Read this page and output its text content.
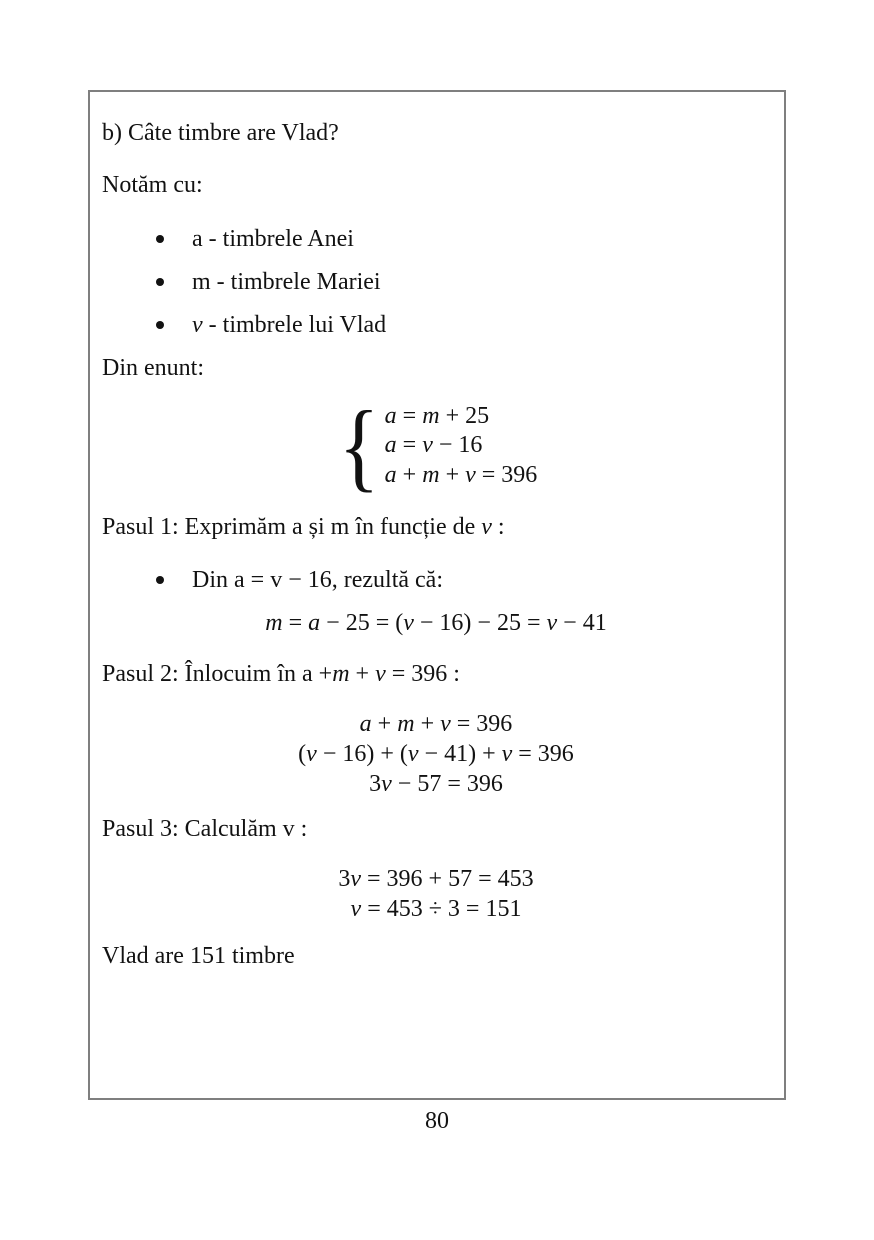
b) Câte timbre are Vlad?

Notăm cu:

a - timbrele Anei
m - timbrele Mariei
v - timbrele lui Vlad

Din enunt:

{ a = m + 25
a = v − 16
a + m + v = 396

Pasul 1: Exprimăm a și m în funcție de v :

Din a = v − 16, rezultă că:
m = a − 25 = (v − 16) − 25 = v − 41

Pasul 2: Înlocuim în a +m + v = 396 :

a + m + v = 396
(v − 16) + (v − 41) + v = 396
3v − 57 = 396

Pasul 3: Calculăm v :

3v = 396 + 57 = 453
v = 453 ÷ 3 = 151

Vlad are 151 timbre

80
